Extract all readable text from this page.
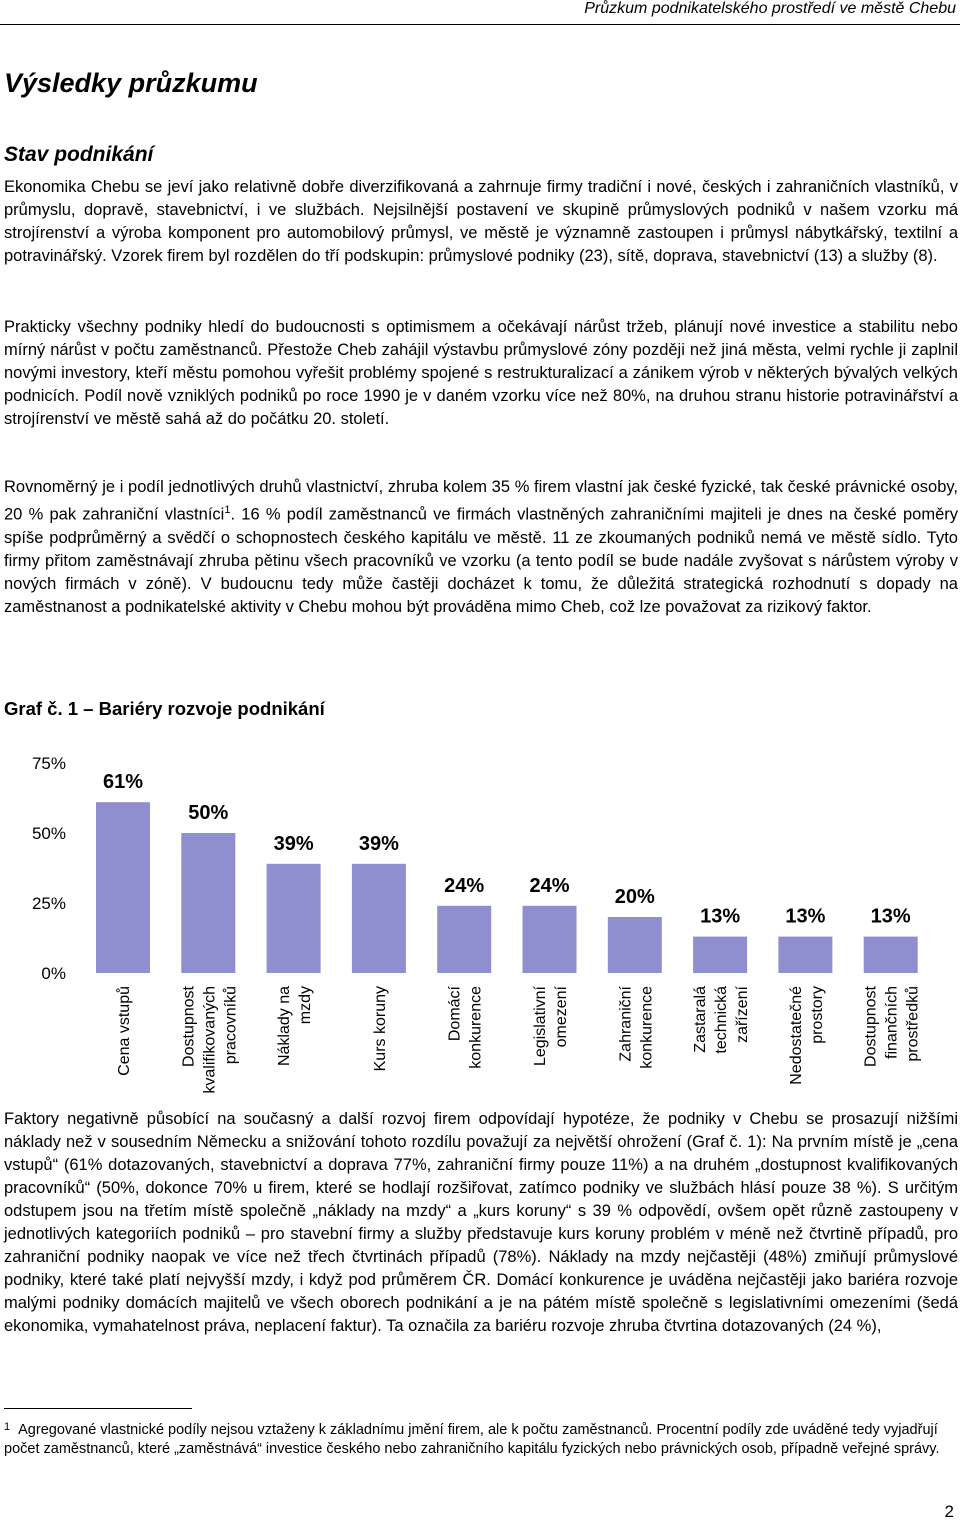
Průzkum podnikatelského prostředí ve městě Chebu
Výsledky průzkumu
Stav podnikání
Ekonomika Chebu se jeví jako relativně dobře diverzifikovaná a zahrnuje firmy tradiční i nové, českých i zahraničních vlastníků, v průmyslu, dopravě, stavebnictví, i ve službách. Nejsilnější postavení ve skupině průmyslových podniků v našem vzorku má strojírenství a výroba komponent pro automobilový průmysl, ve městě je významně zastoupen i průmysl nábytkářský, textilní a potravinářský. Vzorek firem byl rozdělen do tří podskupin: průmyslové podniky (23), sítě, doprava, stavebnictví (13) a služby (8).
Prakticky všechny podniky hledí do budoucnosti s optimismem a očekávají nárůst tržeb, plánují nové investice a stabilitu nebo mírný nárůst v počtu zaměstnanců. Přestože Cheb zahájil výstavbu průmyslové zóny později než jiná města, velmi rychle ji zaplnil novými investory, kteří městu pomohou vyřešit problémy spojené s restrukturalizací a zánikem výrob v některých bývalých velkých podnicích. Podíl nově vzniklých podniků po roce 1990 je v daném vzorku více než 80%, na druhou stranu historie potravinářství a strojírenství ve městě sahá až do počátku 20. století.
Rovnoměrný je i podíl jednotlivých druhů vlastnictví, zhruba kolem 35 % firem vlastní jak české fyzické, tak české právnické osoby, 20 % pak zahraniční vlastníci$^1$. 16 % podíl zaměstnanců ve firmách vlastněných zahraničními majiteli je dnes na české poměry spíše podprůměrný a svědčí o schopnostech českého kapitálu ve městě. 11 ze zkoumaných podniků nemá ve městě sídlo. Tyto firmy přitom zaměstnávají zhruba pětinu všech pracovníků ve vzorku (a tento podíl se bude nadále zvyšovat s nárůstem výroby v nových firmách v zóně). V budoucnu tedy může častěji docházet k tomu, že důležitá strategická rozhodnutí s dopady na zaměstnanost a podnikatelské aktivity v Chebu mohou být prováděna mimo Cheb, což lze považovat za rizikový faktor.
Graf č. 1 – Bariéry rozvoje podnikání
0%
25%
50%
75%
61%
50%
39% 39%
24% 24%
20%
13% 13% 13%
Cena vstupů	Dostupnost kvalifikovaných pracovníků Náklady na mzdy	Kurs koruny	Domácí konkurence	Legislativní omezení	Zahraniční konkurence Zastaralá technická zařízení Nedostatečné prostory Dostupnost finančních prostředků
Faktory negativně působící na současný a další rozvoj firem odpovídají hypotéze, že podniky v Chebu se prosazují nižšími náklady než v sousedním Německu a snižování tohoto rozdílu považují za největší ohrožení (Graf č. 1): Na prvním místě je „cena vstupů“ (61% dotazovaných, stavebnictví a doprava 77%, zahraniční firmy pouze 11%) a na druhém „dostupnost kvalifikovaných pracovníků“ (50%, dokonce 70% u firem, které se hodlají rozšiřovat, zatímco podniky ve službách hlásí pouze 38 %). S určitým odstupem jsou na třetím místě společně „náklady na mzdy“ a „kurs koruny“ s 39 % odpovědí, ovšem opět různě zastoupeny v jednotlivých kategoriích podniků – pro stavební firmy a služby představuje kurs koruny problém v méně než čtvrtině případů, pro zahraniční podniky naopak ve více než třech čtvrtinách případů (78%). Náklady na mzdy nejčastěji (48%) zmiňují průmyslové podniky, které také platí nejvyšší mzdy, i když pod průměrem ČR. Domácí konkurence je uváděna nejčastěji jako bariéra rozvoje malými podniky domácích majitelů ve všech oborech podnikání a je na pátém místě společně s legislativními omezeními (šedá ekonomika, vymahatelnost práva, neplacení faktur). Ta označila za bariéru rozvoje zhruba čtvrtina dotazovaných (24 %),
$^1$ Agregované vlastnické podíly nejsou vztaženy k základnímu jmění firem, ale k počtu zaměstnanců. Procentní podíly zde uváděné tedy vyjadřují počet zaměstnanců, které „zaměstnává“ investice českého nebo zahraničního kapitálu fyzických nebo právnických osob, případně veřejné správy.
2
